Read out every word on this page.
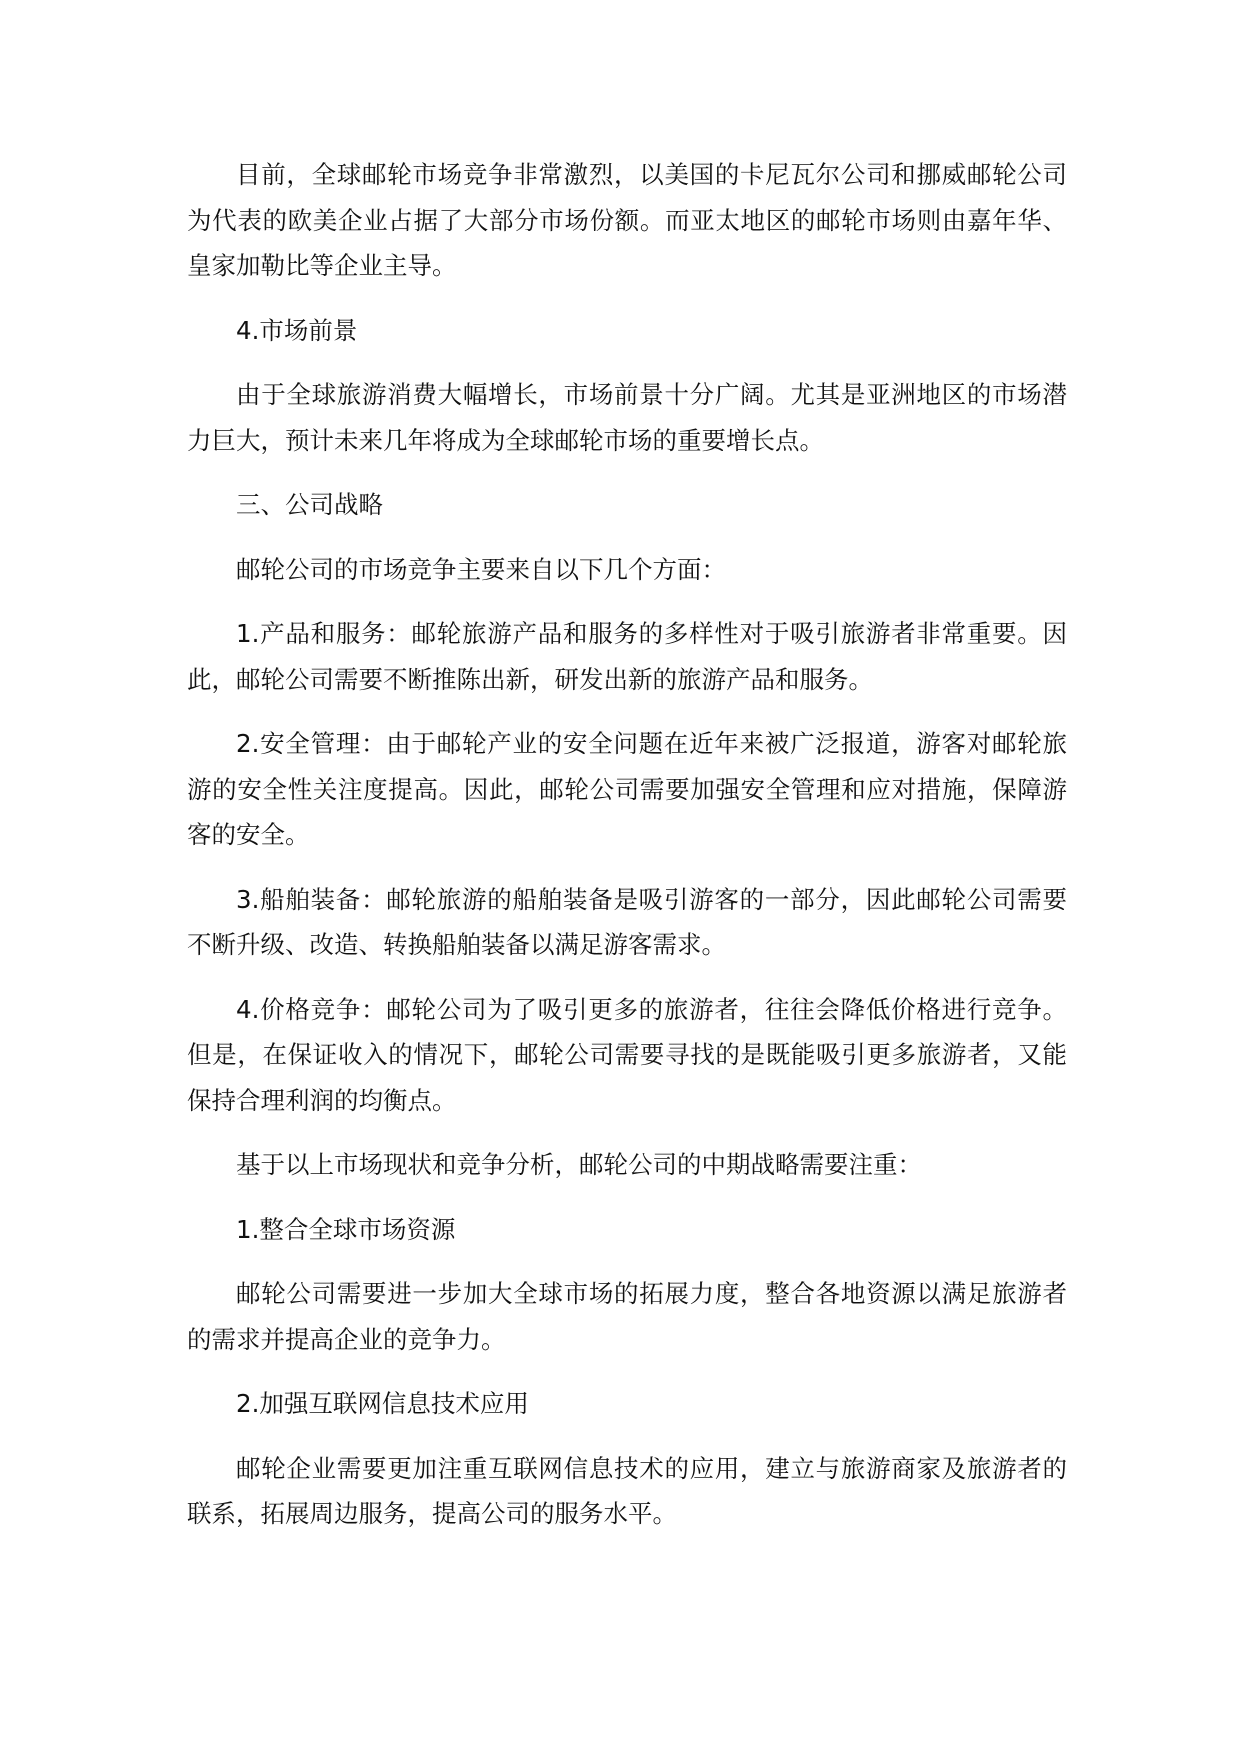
目前，全球邮轮市场竞争非常激烈，以美国的卡尼瓦尔公司和挪威邮轮公司为代表的欧美企业占据了大部分市场份额。而亚太地区的邮轮市场则由嘉年华、皇家加勒比等企业主导。

4.市场前景

由于全球旅游消费大幅增长，市场前景十分广阔。尤其是亚洲地区的市场潜力巨大，预计未来几年将成为全球邮轮市场的重要增长点。

三、公司战略

邮轮公司的市场竞争主要来自以下几个方面：

1.产品和服务：邮轮旅游产品和服务的多样性对于吸引旅游者非常重要。因此，邮轮公司需要不断推陈出新，研发出新的旅游产品和服务。

2.安全管理：由于邮轮产业的安全问题在近年来被广泛报道，游客对邮轮旅游的安全性关注度提高。因此，邮轮公司需要加强安全管理和应对措施，保障游客的安全。

3.船舶装备：邮轮旅游的船舶装备是吸引游客的一部分，因此邮轮公司需要不断升级、改造、转换船舶装备以满足游客需求。

4.价格竞争：邮轮公司为了吸引更多的旅游者，往往会降低价格进行竞争。但是，在保证收入的情况下，邮轮公司需要寻找的是既能吸引更多旅游者，又能保持合理利润的均衡点。

基于以上市场现状和竞争分析，邮轮公司的中期战略需要注重：

1.整合全球市场资源

邮轮公司需要进一步加大全球市场的拓展力度，整合各地资源以满足旅游者的需求并提高企业的竞争力。

2.加强互联网信息技术应用

邮轮企业需要更加注重互联网信息技术的应用，建立与旅游商家及旅游者的联系，拓展周边服务，提高公司的服务水平。
